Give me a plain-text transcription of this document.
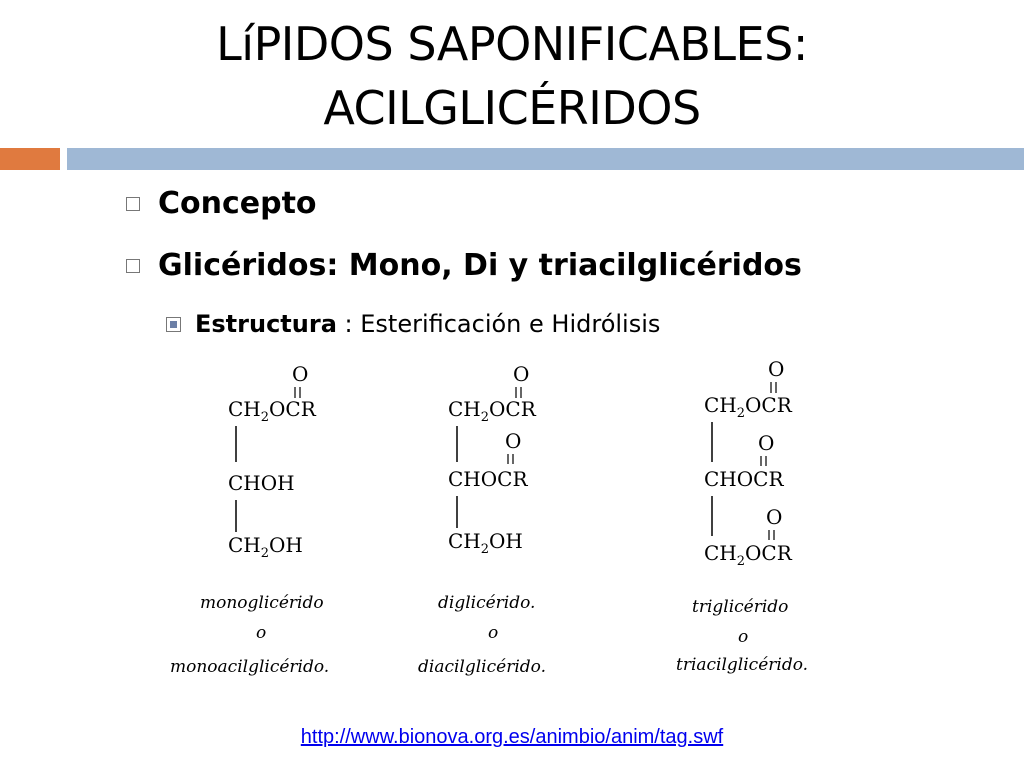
LíPIDOS SAPONIFICABLES:
ACILGLICÉRIDOS
Concepto
Glicéridos: Mono, Di y triacilglicéridos
Estructura : Esterificación e Hidrólisis
O
$CH_2OCR$
CHOH
$CH_2OH$
monoglicérido
o
monoacilglicérido.
O
$CH_2OCR$
O
CHOCR
$CH_2OH$
diglicérido.
o
diacilglicérido.
O
$CH_2OCR$
O
CHOCR
O
$CH_2OCR$
triglicérido
o
triacilglicérido.
http://www.bionova.org.es/animbio/anim/tag.swf
